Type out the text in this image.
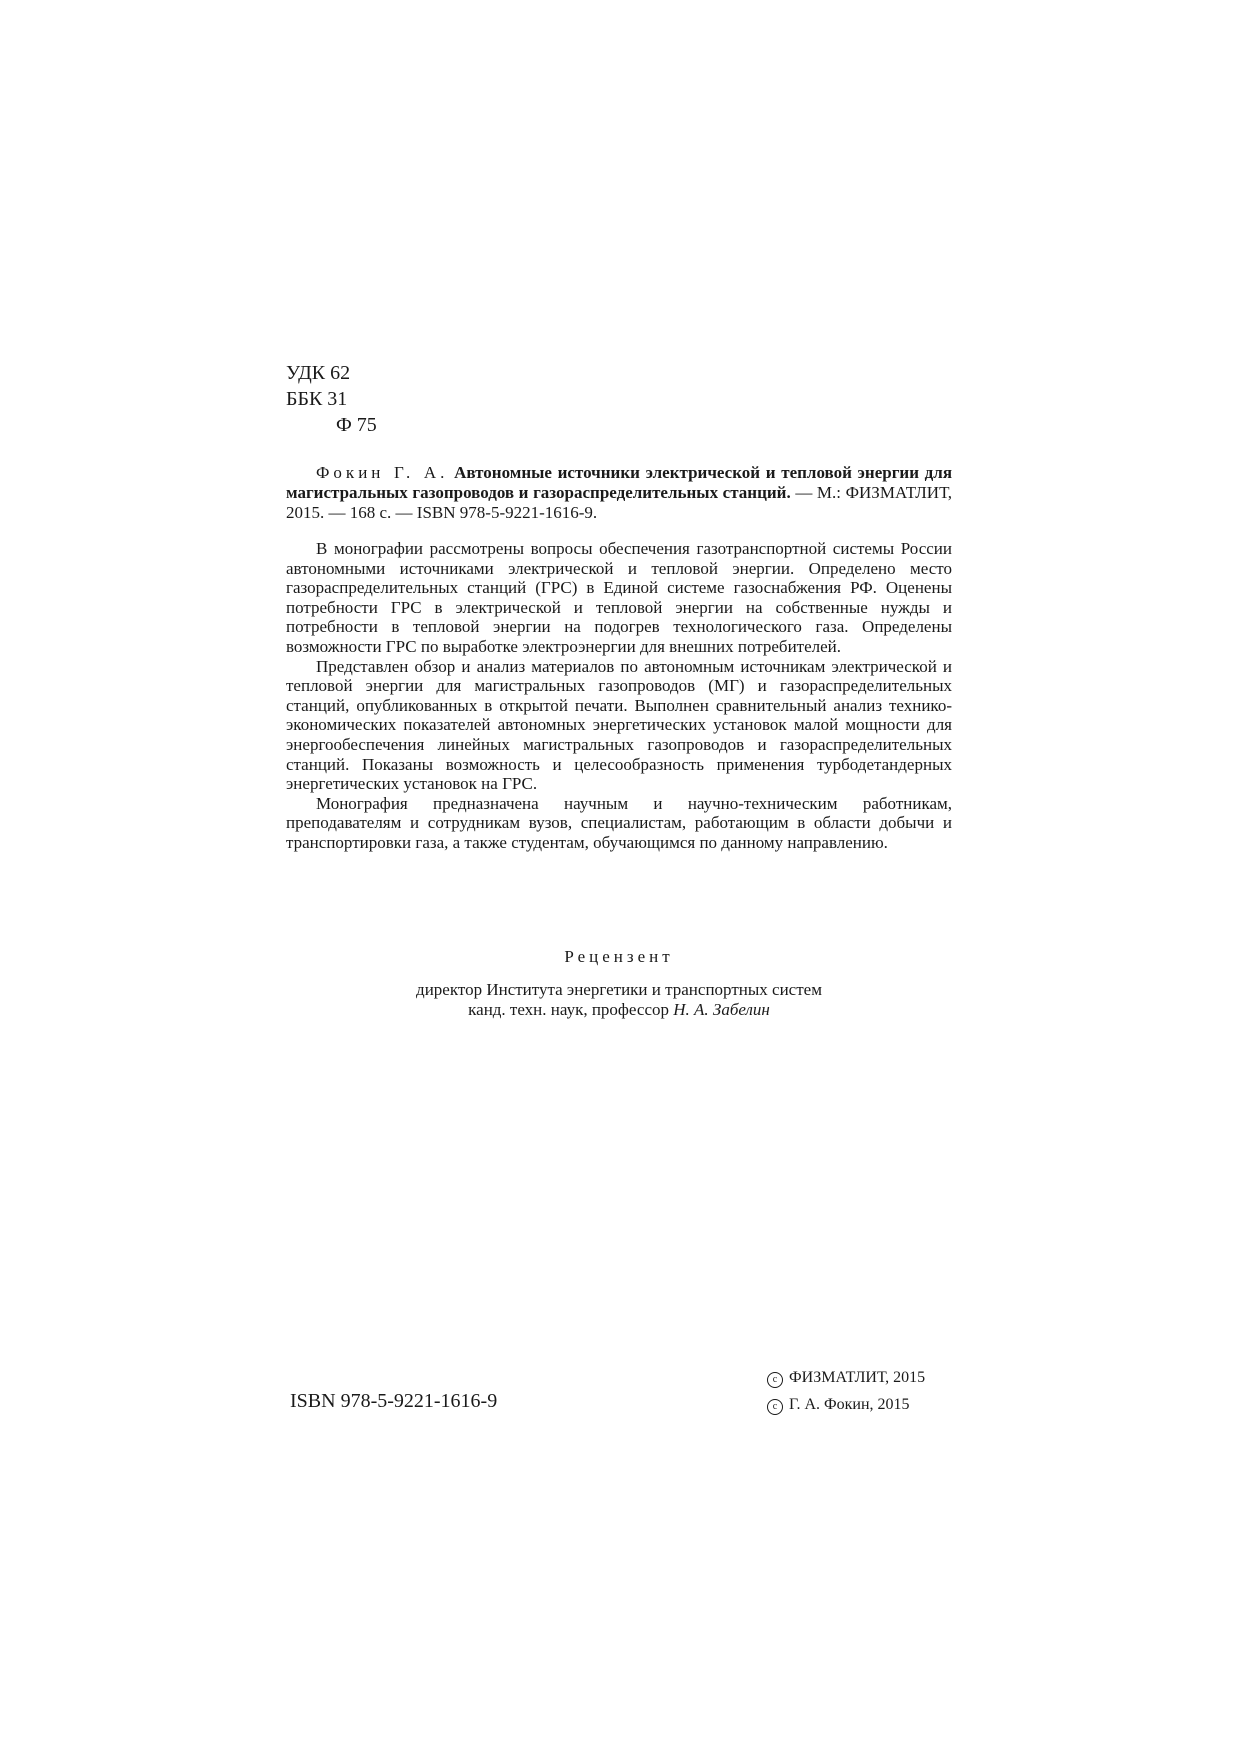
УДК 62
ББК 31
Ф 75
Фокин Г. А. Автономные источники электрической и тепловой энергии для магистральных газопроводов и газораспределительных станций. — М.: ФИЗМАТЛИТ, 2015. — 168 с. — ISBN 978-5-9221-1616-9.

В монографии рассмотрены вопросы обеспечения газотранспортной системы России автономными источниками электрической и тепловой энергии. Определено место газораспределительных станций (ГРС) в Единой системе газоснабжения РФ. Оценены потребности ГРС в электрической и тепловой энергии на собственные нужды и потребности в тепловой энергии на подогрев технологического газа. Определены возможности ГРС по выработке электроэнергии для внешних потребителей.

Представлен обзор и анализ материалов по автономным источникам электрической и тепловой энергии для магистральных газопроводов (МГ) и газораспределительных станций, опубликованных в открытой печати. Выполнен сравнительный анализ технико-экономических показателей автономных энергетических установок малой мощности для энергообеспечения линейных магистральных газопроводов и газораспределительных станций. Показаны возможность и целесообразность применения турбодетандерных энергетических установок на ГРС.

Монография предназначена научным и научно-техническим работникам, преподавателям и сотрудникам вузов, специалистам, работающим в области добычи и транспортировки газа, а также студентам, обучающимся по данному направлению.

Рецензент
директор Института энергетики и транспортных систем
канд. техн. наук, профессор Н. А. Забелин
ISBN 978-5-9221-1616-9
c ФИЗМАТЛИТ, 2015
c Г. А. Фокин, 2015
